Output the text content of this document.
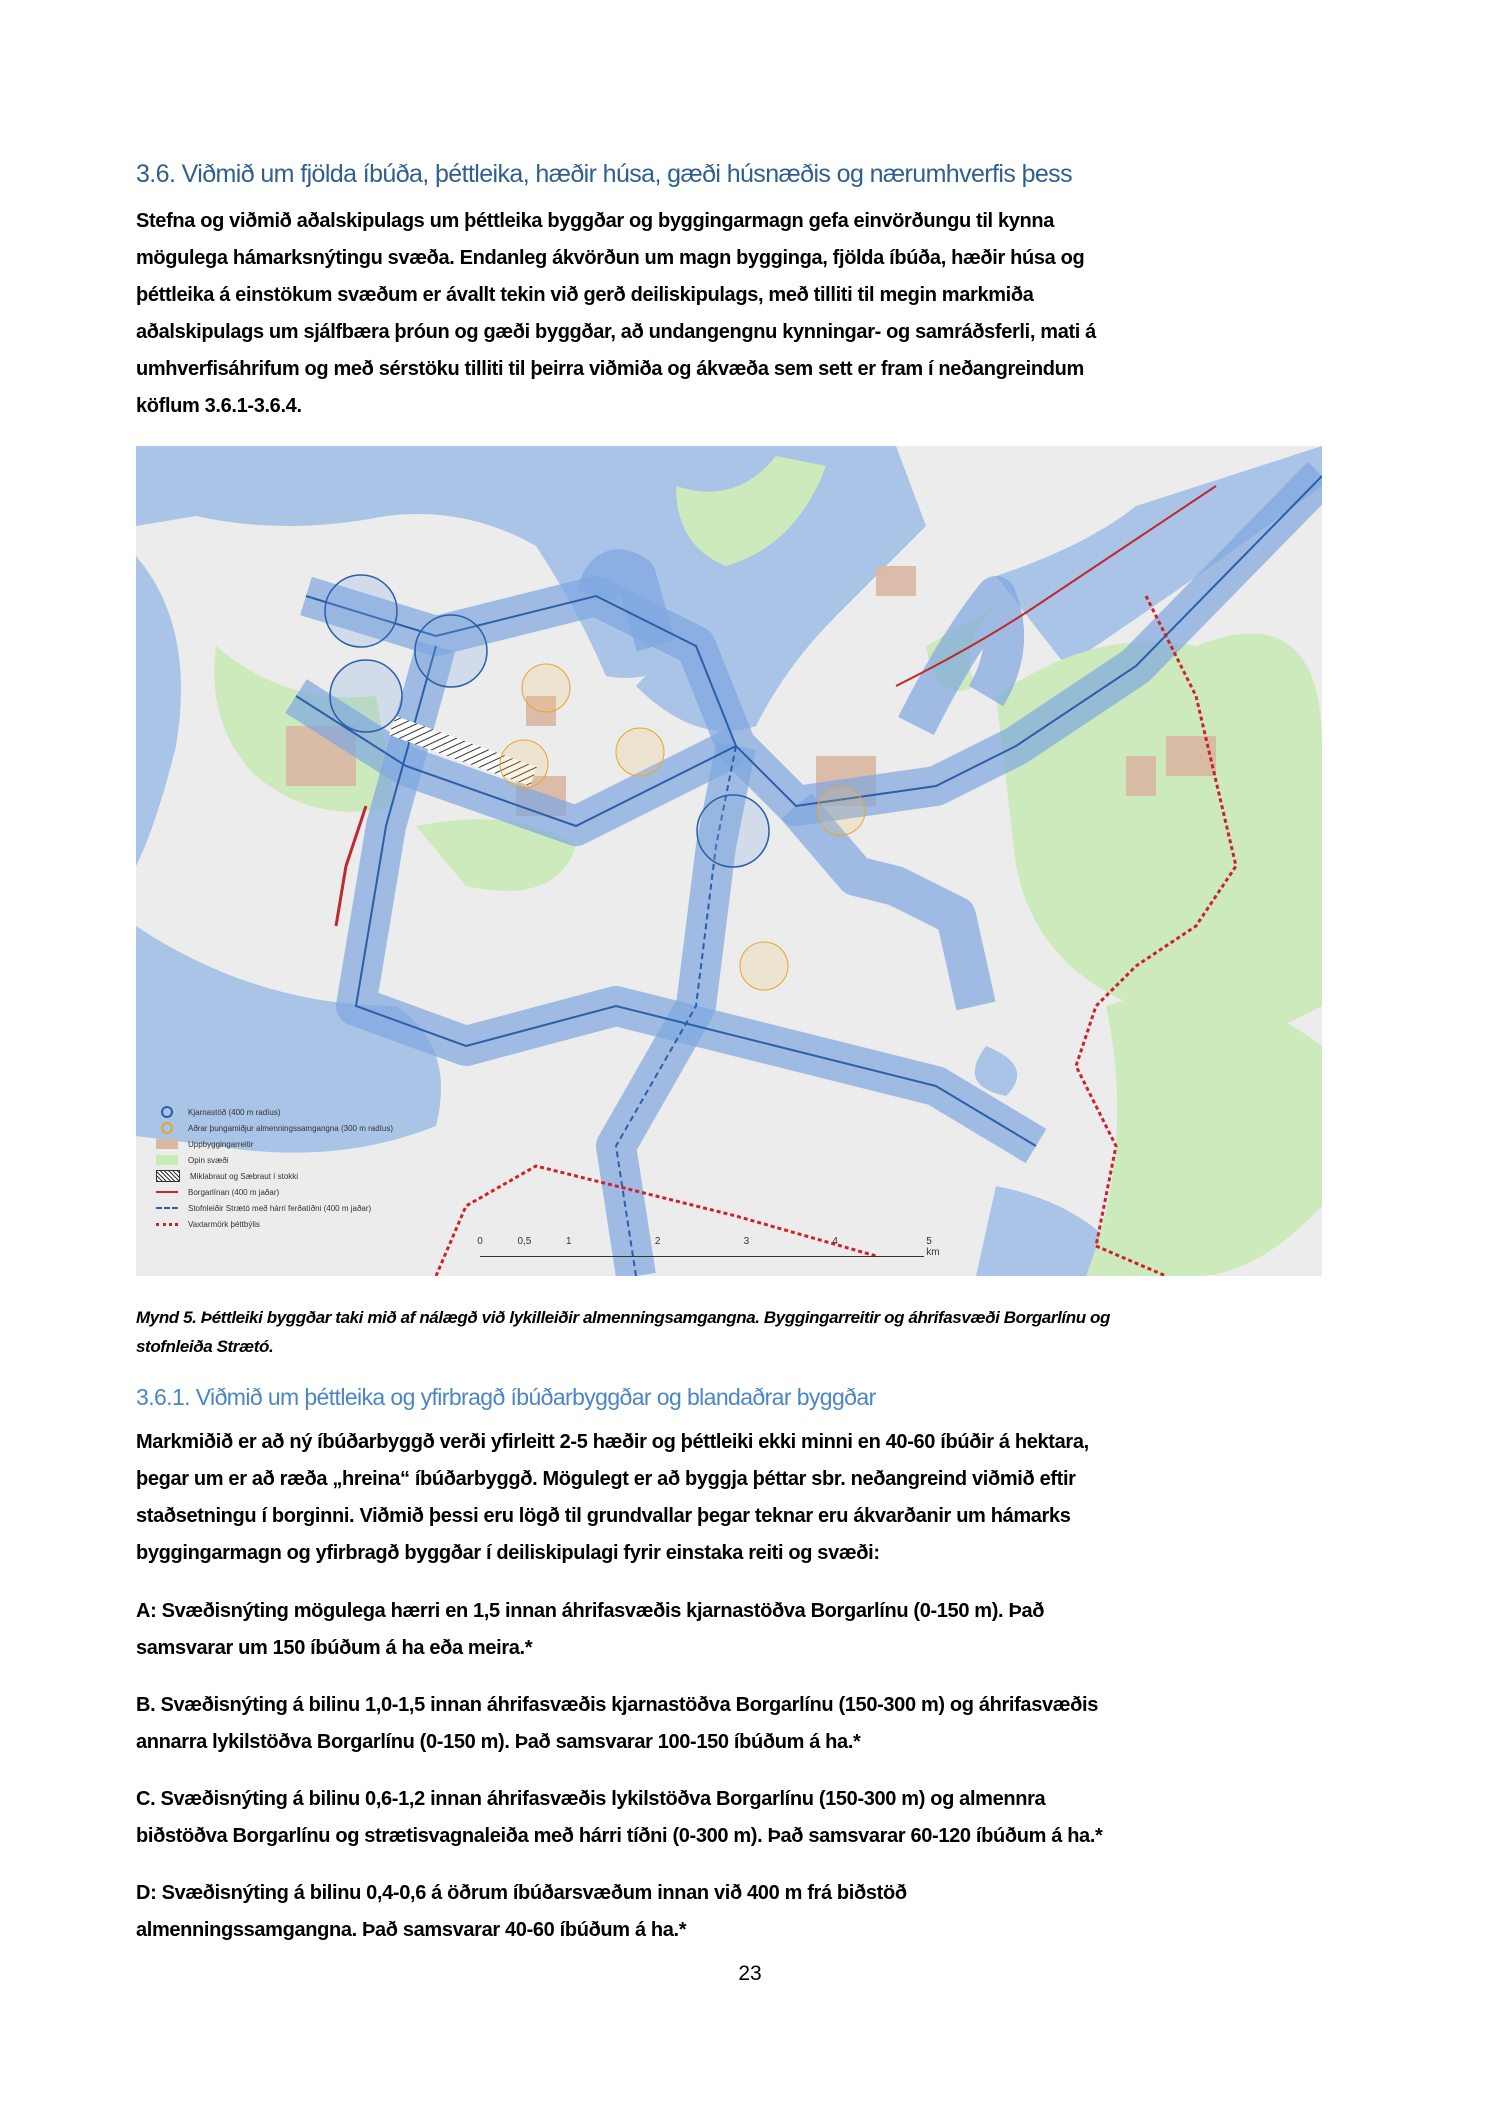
3.6. Viðmið um fjölda íbúða, þéttleika, hæðir húsa, gæði húsnæðis og nærumhverfis þess
Stefna og viðmið aðalskipulags um þéttleika byggðar og byggingarmagn gefa einvörðungu til kynna
mögulega hámarksnýtingu svæða. Endanleg ákvörðun um magn bygginga, fjölda íbúða, hæðir húsa og
þéttleika á einstökum svæðum er ávallt tekin við gerð deiliskipulags, með tilliti til megin markmiða
aðalskipulags um sjálfbæra þróun og gæði byggðar, að undangengnu kynningar- og samráðsferli, mati á
umhverfisáhrifum og með sérstöku tilliti til þeirra viðmiða og ákvæða sem sett er fram í neðangreindum
köflum 3.6.1-3.6.4.
Kjarnastöð (400 m radíus)
Aðrar þungamiðjur almenningssamgangna (300 m radíus)
Uppbyggingarreitir
Opin svæði
Miklabraut og Sæbraut í stokki
Borgarlínan (400 m jaðar)
Stofnleiðir Strætó með hárri ferðatíðni (400 m jaðar)
Vaxtarmörk þéttbýlis
0	0,5	1	2	3	4	5 km
Mynd 5. Þéttleiki byggðar taki mið af nálægð við lykilleiðir almenningsamgangna. Byggingarreitir og áhrifasvæði Borgarlínu og
stofnleiða Strætó.
3.6.1. Viðmið um þéttleika og yfirbragð íbúðarbyggðar og blandaðrar byggðar
Markmiðið er að ný íbúðarbyggð verði yfirleitt 2-5 hæðir og þéttleiki ekki minni en 40-60 íbúðir á hektara,
þegar um er að ræða „hreina“ íbúðarbyggð. Mögulegt er að byggja þéttar sbr. neðangreind viðmið eftir
staðsetningu í borginni. Viðmið þessi eru lögð til grundvallar þegar teknar eru ákvarðanir um hámarks
byggingarmagn og yfirbragð byggðar í deiliskipulagi fyrir einstaka reiti og svæði:
A: Svæðisnýting mögulega hærri en 1,5 innan áhrifasvæðis kjarnastöðva Borgarlínu (0-150 m). Það
samsvarar um 150 íbúðum á ha eða meira.*
B. Svæðisnýting á bilinu 1,0-1,5 innan áhrifasvæðis kjarnastöðva Borgarlínu (150-300 m) og áhrifasvæðis
annarra lykilstöðva Borgarlínu (0-150 m). Það samsvarar 100-150 íbúðum á ha.*
C. Svæðisnýting á bilinu 0,6-1,2 innan áhrifasvæðis lykilstöðva Borgarlínu (150-300 m) og almennra
biðstöðva Borgarlínu og strætisvagnaleiða með hárri tíðni (0-300 m). Það samsvarar 60-120 íbúðum á ha.*
D: Svæðisnýting á bilinu 0,4-0,6 á öðrum íbúðarsvæðum innan við 400 m frá biðstöð
almenningssamgangna. Það samsvarar 40-60 íbúðum á ha.*
23
